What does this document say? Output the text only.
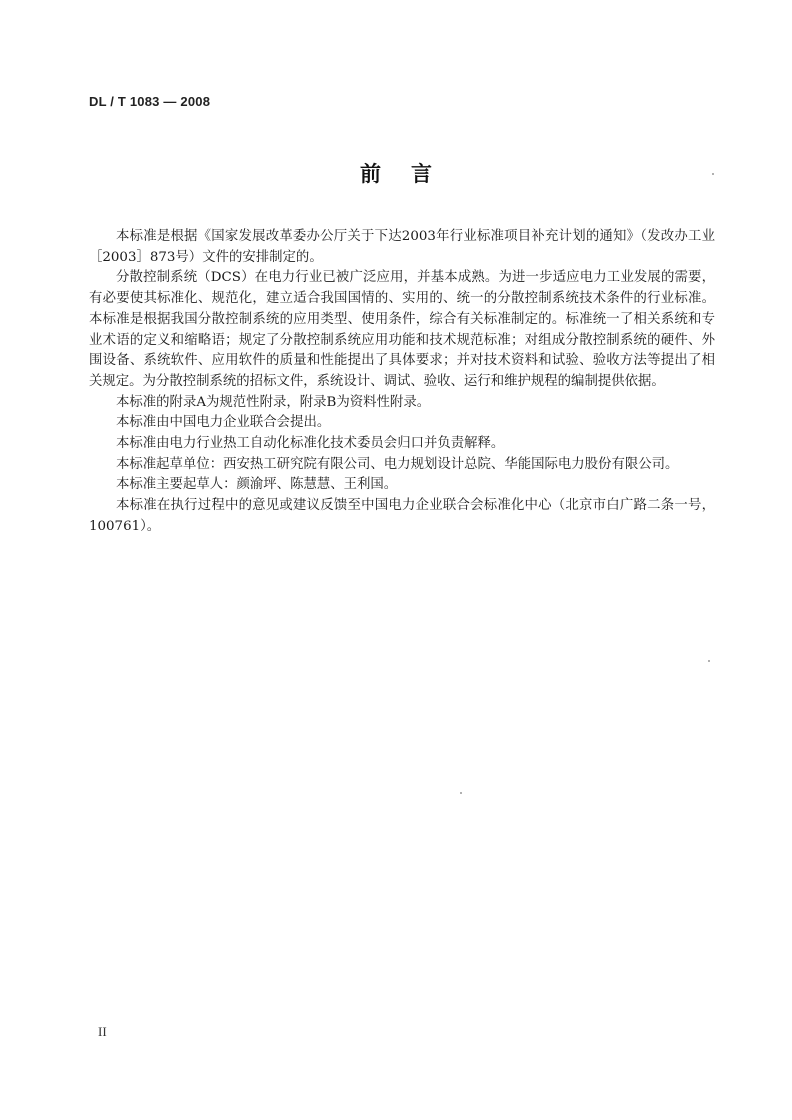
DL / T 1083 — 2008
前言

本标准是根据《国家发展改革委办公厅关于下达2003年行业标准项目补充计划的通知》（发改办工业［2003］873号）文件的安排制定的。

分散控制系统（DCS）在电力行业已被广泛应用，并基本成熟。为进一步适应电力工业发展的需要，有必要使其标准化、规范化，建立适合我国国情的、实用的、统一的分散控制系统技术条件的行业标准。本标准是根据我国分散控制系统的应用类型、使用条件，综合有关标准制定的。标准统一了相关系统和专业术语的定义和缩略语；规定了分散控制系统应用功能和技术规范标准；对组成分散控制系统的硬件、外围设备、系统软件、应用软件的质量和性能提出了具体要求；并对技术资料和试验、验收方法等提出了相关规定。为分散控制系统的招标文件，系统设计、调试、验收、运行和维护规程的编制提供依据。

本标准的附录A为规范性附录，附录B为资料性附录。

本标准由中国电力企业联合会提出。

本标准由电力行业热工自动化标准化技术委员会归口并负责解释。

本标准起草单位：西安热工研究院有限公司、电力规划设计总院、华能国际电力股份有限公司。

本标准主要起草人：颜渝坪、陈慧慧、王利国。

本标准在执行过程中的意见或建议反馈至中国电力企业联合会标准化中心（北京市白广路二条一号，100761）。

II
